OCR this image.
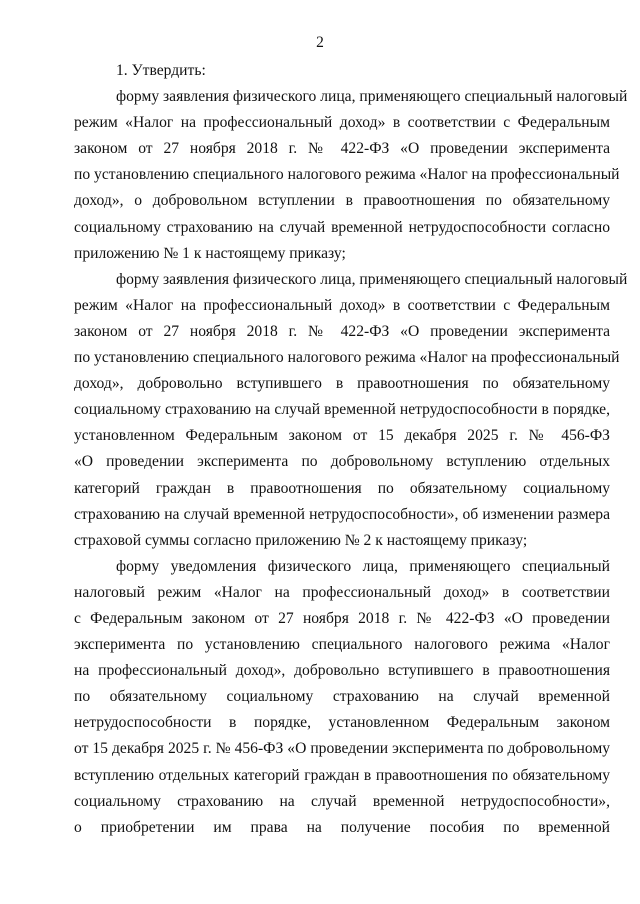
2
1. Утвердить:
форму заявления физического лица, применяющего специальный налоговый
режим «Налог на профессиональный доход» в соответствии с Федеральным
законом от 27 ноября 2018 г. № 422-ФЗ «О проведении эксперимента
по установлению специального налогового режима «Налог на профессиональный
доход», о добровольном вступлении в правоотношения по обязательному
социальному страхованию на случай временной нетрудоспособности согласно
приложению № 1 к настоящему приказу;
форму заявления физического лица, применяющего специальный налоговый
режим «Налог на профессиональный доход» в соответствии с Федеральным
законом от 27 ноября 2018 г. № 422-ФЗ «О проведении эксперимента
по установлению специального налогового режима «Налог на профессиональный
доход», добровольно вступившего в правоотношения по обязательному
социальному страхованию на случай временной нетрудоспособности в порядке,
установленном Федеральным законом от 15 декабря 2025 г. № 456-ФЗ
«О проведении эксперимента по добровольному вступлению отдельных
категорий граждан в правоотношения по обязательному социальному
страхованию на случай временной нетрудоспособности», об изменении размера
страховой суммы согласно приложению № 2 к настоящему приказу;
форму уведомления физического лица, применяющего специальный
налоговый режим «Налог на профессиональный доход» в соответствии
с Федеральным законом от 27 ноября 2018 г. № 422-ФЗ «О проведении
эксперимента по установлению специального налогового режима «Налог
на профессиональный доход», добровольно вступившего в правоотношения
по обязательному социальному страхованию на случай временной
нетрудоспособности в порядке, установленном Федеральным законом
от 15 декабря 2025 г. № 456-ФЗ «О проведении эксперимента по добровольному
вступлению отдельных категорий граждан в правоотношения по обязательному
социальному страхованию на случай временной нетрудоспособности»,
о приобретении им права на получение пособия по временной
